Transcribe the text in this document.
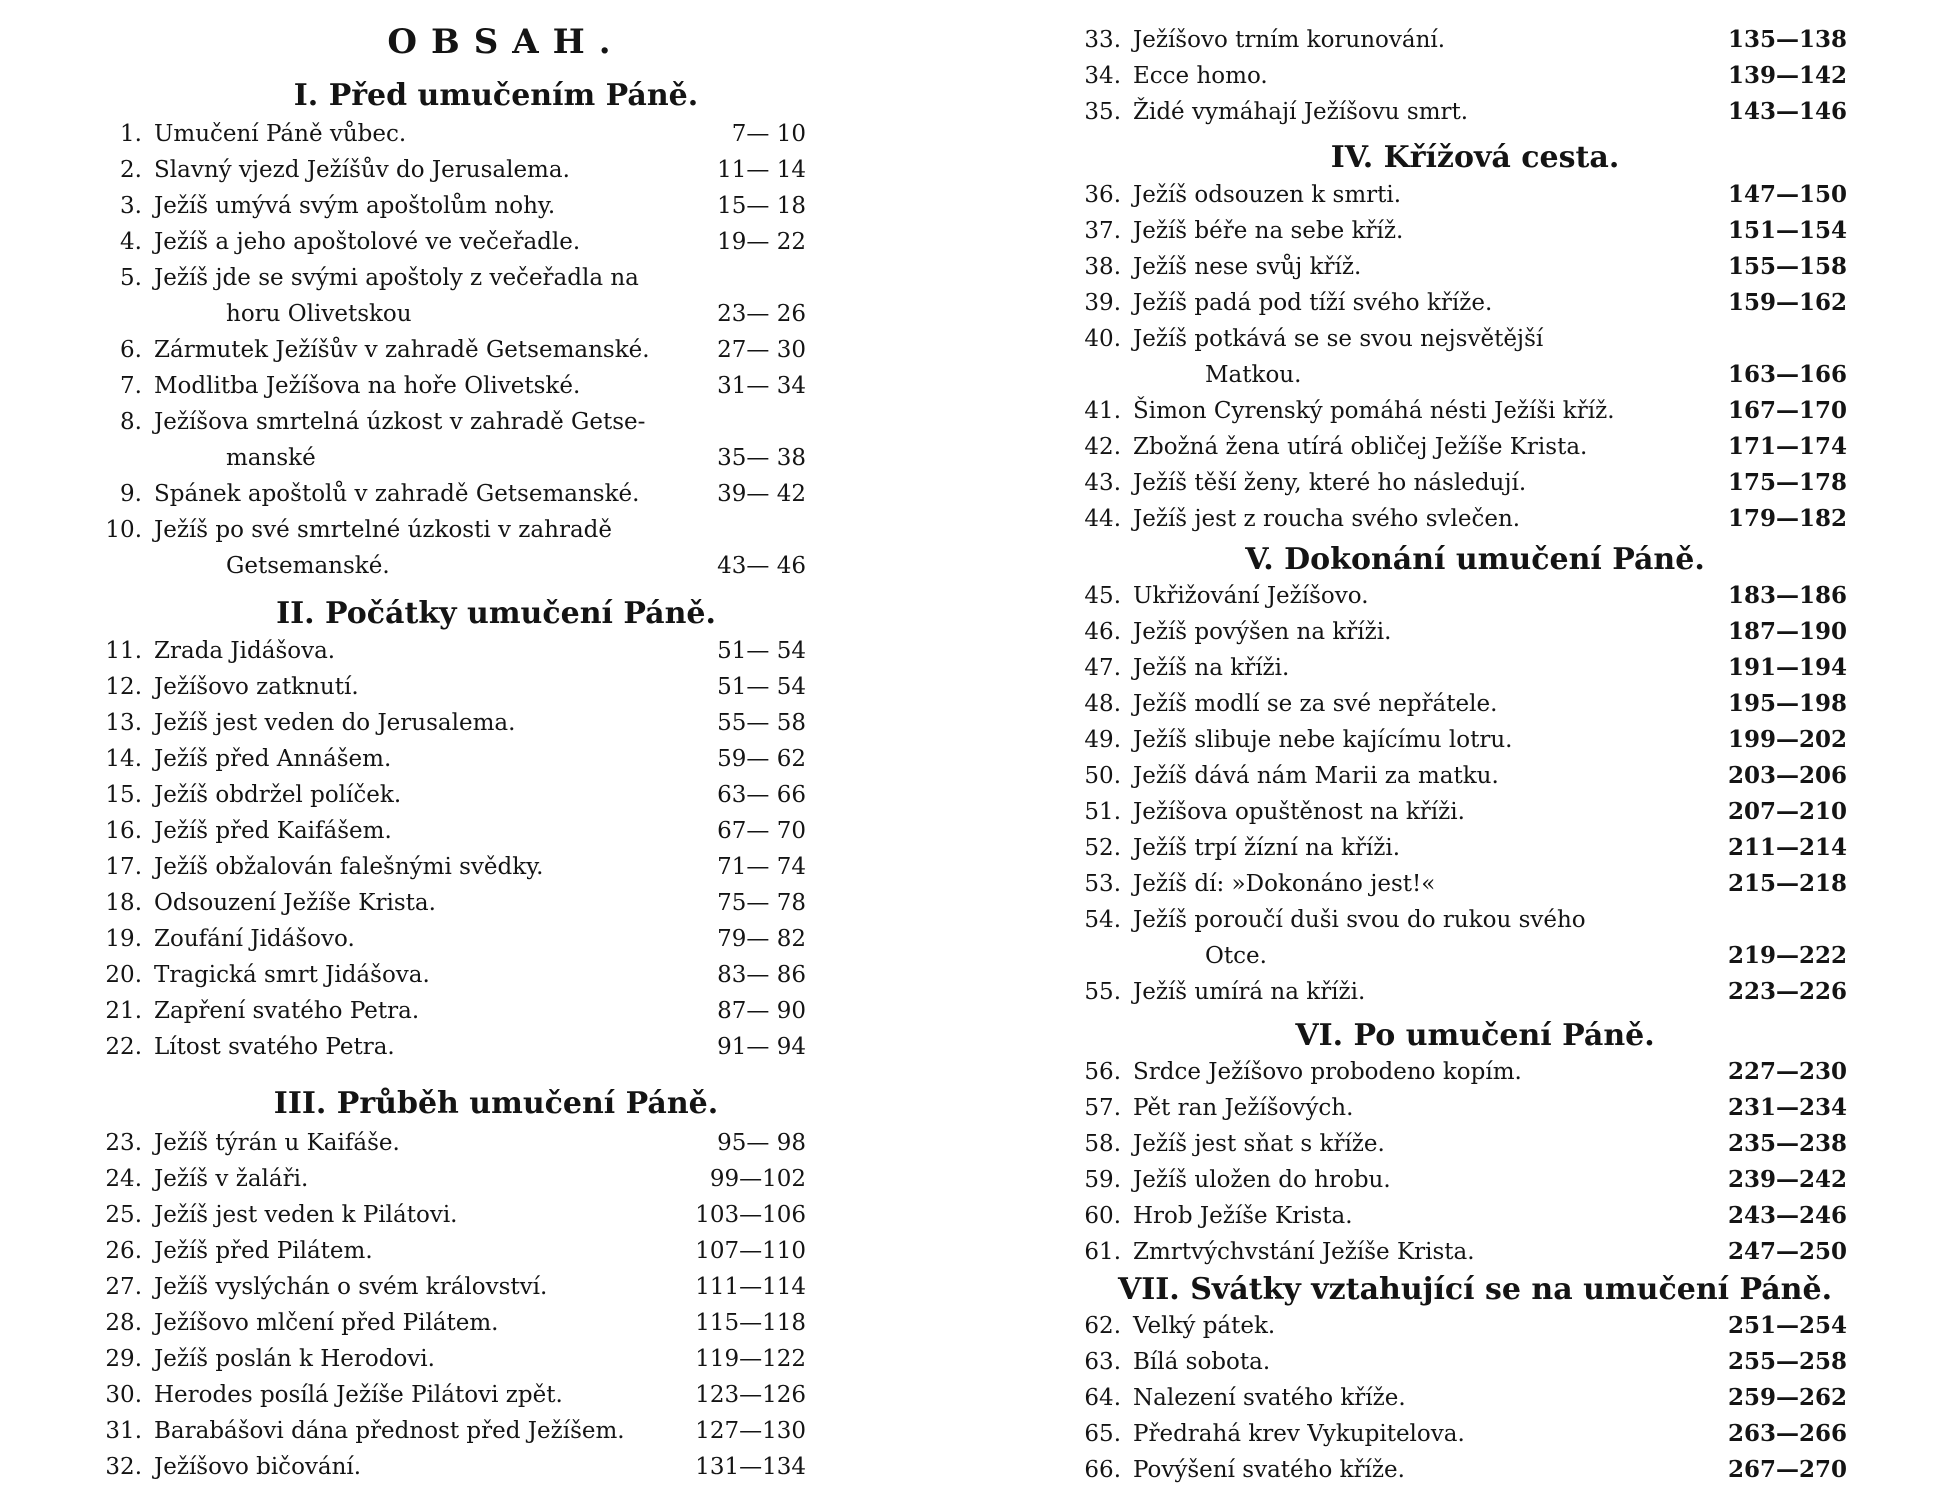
OBSAH.
I. Před umučením Páně.
1. Umučení Páně vůbec.	7— 10
2. Slavný vjezd Ježíšův do Jerusalema.	11— 14
3. Ježíš umývá svým apoštolům nohy.	15— 18
4. Ježíš a jeho apoštolové ve večeřadle.	19— 22
5. Ježíš jde se svými apoštoly z večeřadla na
horu Olivetskou	23— 26
6. Zármutek Ježíšův v zahradě Getsemanské.	27— 30
7. Modlitba Ježíšova na hoře Olivetské.	31— 34
8. Ježíšova smrtelná úzkost v zahradě Getse-
manské	35— 38
9. Spánek apoštolů v zahradě Getsemanské.	39— 42
10. Ježíš po své smrtelné úzkosti v zahradě
Getsemanské.	43— 46
II. Počátky umučení Páně.
11. Zrada Jidášova.	51— 54
12. Ježíšovo zatknutí.	51— 54
13. Ježíš jest veden do Jerusalema.	55— 58
14. Ježíš před Annášem.	59— 62
15. Ježíš obdržel políček.	63— 66
16. Ježíš před Kaifášem.	67— 70
17. Ježíš obžalován falešnými svědky.	71— 74
18. Odsouzení Ježíše Krista.	75— 78
19. Zoufání Jidášovo.	79— 82
20. Tragická smrt Jidášova.	83— 86
21. Zapření svatého Petra.	87— 90
22. Lítost svatého Petra.	91— 94
III. Průběh umučení Páně.
23. Ježíš týrán u Kaifáše.	95— 98
24. Ježíš v žaláři.	99—102
25. Ježíš jest veden k Pilátovi.	103—106
26. Ježíš před Pilátem.	107—110
27. Ježíš vyslýchán o svém království.	111—114
28. Ježíšovo mlčení před Pilátem.	115—118
29. Ježíš poslán k Herodovi.	119—122
30. Herodes posílá Ježíše Pilátovi zpět.	123—126
31. Barabášovi dána přednost před Ježíšem.	127—130
32. Ježíšovo bičování.	131—134
33. Ježíšovo trním korunování.	135—138
34. Ecce homo.	139—142
35. Židé vymáhají Ježíšovu smrt.	143—146
IV. Křížová cesta.
36. Ježíš odsouzen k smrti.	147—150
37. Ježíš béře na sebe kříž.	151—154
38. Ježíš nese svůj kříž.	155—158
39. Ježíš padá pod tíží svého kříže.	159—162
40. Ježíš potkává se se svou nejsvětější
Matkou.	163—166
41. Šimon Cyrenský pomáhá nésti Ježíši kříž.	167—170
42. Zbožná žena utírá obličej Ježíše Krista.	171—174
43. Ježíš těší ženy, které ho následují.	175—178
44. Ježíš jest z roucha svého svlečen.	179—182
V. Dokonání umučení Páně.
45. Ukřižování Ježíšovo.	183—186
46. Ježíš povýšen na kříži.	187—190
47. Ježíš na kříži.	191—194
48. Ježíš modlí se za své nepřátele.	195—198
49. Ježíš slibuje nebe kajícímu lotru.	199—202
50. Ježíš dává nám Marii za matku.	203—206
51. Ježíšova opuštěnost na kříži.	207—210
52. Ježíš trpí žízní na kříži.	211—214
53. Ježíš dí: »Dokonáno jest!«	215—218
54. Ježíš poroučí duši svou do rukou svého
Otce.	219—222
55. Ježíš umírá na kříži.	223—226
VI. Po umučení Páně.
56. Srdce Ježíšovo probodeno kopím.	227—230
57. Pět ran Ježíšových.	231—234
58. Ježíš jest sňat s kříže.	235—238
59. Ježíš uložen do hrobu.	239—242
60. Hrob Ježíše Krista.	243—246
61. Zmrtvýchvstání Ježíše Krista.	247—250
VII. Svátky vztahující se na umučení Páně.
62. Velký pátek.	251—254
63. Bílá sobota.	255—258
64. Nalezení svatého kříže.	259—262
65. Předrahá krev Vykupitelova.	263—266
66. Povýšení svatého kříže.	267—270
